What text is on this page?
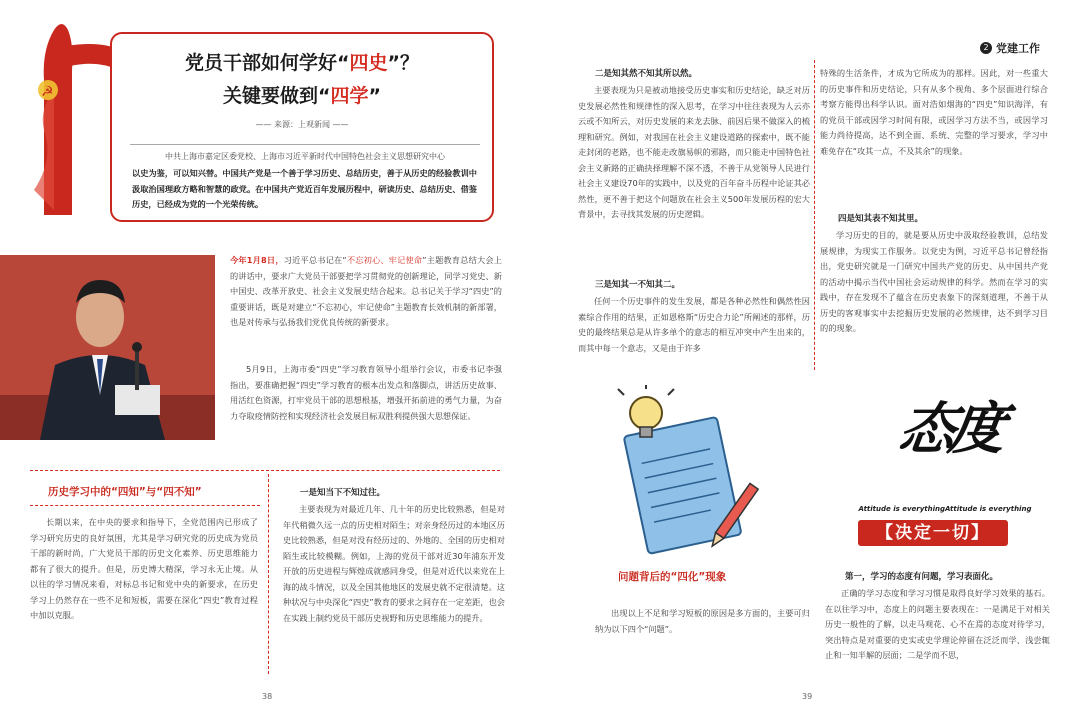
☭
党员干部如何学好“四史”？
关键要做到“四学”
—— 来源：上观新闻 ——
中共上海市嘉定区委党校、上海市习近平新时代中国特色社会主义思想研究中心
以史为鉴，可以知兴替。中国共产党是一个善于学习历史、总结历史，善于从历史的经验教训中汲取治国理政方略和智慧的政党。在中国共产党近百年发展历程中，研读历史、总结历史、借鉴历史，已经成为党的一个光荣传统。
今年1月8日，习近平总书记在“不忘初心、牢记使命”主题教育总结大会上的讲话中，要求广大党员干部要把学习贯彻党的创新理论，同学习党史、新中国史、改革开放史、社会主义发展史结合起来。总书记关于学习“四史”的重要讲话，既是对建立“不忘初心，牢记使命”主题教育长效机制的新部署，也是对传承与弘扬我们党优良传统的新要求。
5月9日，上海市委“四史”学习教育领导小组举行会议，市委书记李强指出，要准确把握“四史”学习教育的根本出发点和落脚点，讲活历史故事、用活红色资源，打牢党员干部的思想根基，增强开拓前进的勇气力量，为奋力夺取疫情防控和实现经济社会发展目标双胜利提供强大思想保证。
历史学习中的“四知”与“四不知”
长期以来，在中央的要求和指导下，全党范围内已形成了学习研究历史的良好氛围，尤其是学习研究党的历史成为党员干部的新时尚，广大党员干部的历史文化素养、历史思维能力都有了很大的提升。但是，历史博大精深，学习永无止境。从以往的学习情况来看，对标总书记和党中央的新要求，在历史学习上仍然存在一些不足和短板，需要在深化“四史”教育过程中加以克服。
一是知当下不知过往。
主要表现为对最近几年、几十年的历史比较熟悉，但是对年代稍微久远一点的历史相对陌生；对亲身经历过的本地区历史比较熟悉，但是对没有经历过的、外地的、全国的历史相对陌生或比较模糊。例如，上海的党员干部对近30年浦东开发开放的历史进程与辉煌成就感同身受，但是对近代以来党在上海的战斗情况，以及全国其他地区的发展史就不定很清楚。这种状况与中央深化“四史”教育的要求之间存在一定差距，也会在实践上制约党员干部历史视野和历史思维能力的提升。
38
2 党建工作
二是知其然不知其所以然。
主要表现为只是被动地接受历史事实和历史结论，缺乏对历史发展必然性和规律性的深入思考，在学习中往往表现为人云亦云或不知所云，对历史发展的来龙去脉、前因后果不做深入的梳理和研究。例如，对我国在社会主义建设道路的探索中，既不能走封闭的老路，也不能走改旗易帜的邪路，而只能走中国特色社会主义新路的正确抉择理解不深不透，不善于从党领导人民进行社会主义建设70年的实践中，以及党的百年奋斗历程中论证其必然性，更不善于把这个问题放在社会主义500年发展历程的宏大背景中，去寻找其发展的历史逻辑。
三是知其一不知其二。
任何一个历史事件的发生发展，都是各种必然性和偶然性因素综合作用的结果，正如恩格斯“历史合力论”所阐述的那样，历史的最终结果总是从许多单个的意志的相互冲突中产生出来的，而其中每一个意志，又是由于许多
特殊的生活条件，才成为它所成为的那样。因此，对一些重大的历史事件和历史结论，只有从多个视角、多个层面进行综合考察方能得出科学认识。面对浩如烟海的“四史”知识海洋，有的党员干部或因学习时间有限，或因学习方法不当，或因学习能力尚待提高，达不到全面、系统、完整的学习要求，学习中难免存在“攻其一点，不及其余”的现象。
四是知其表不知其里。
学习历史的目的，就是要从历史中汲取经验教训，总结发展规律，为现实工作服务。以党史为例，习近平总书记曾经指出，党史研究就是一门研究中国共产党的历史、从中国共产党的活动中揭示当代中国社会运动规律的科学。然而在学习的实践中，存在发现不了蕴含在历史表象下的深刻道理，不善于从历史的客观事实中去挖掘历史发展的必然规律，达不到学习目的的现象。
问题背后的“四化”现象
出现以上不足和学习短板的原因是多方面的，主要可归纳为以下四个“问题”。
态度
Attitude is everythingAttitude is everything
【决定一切】
第一，学习的态度有问题，学习表面化。
正确的学习态度和学习习惯是取得良好学习效果的基石。在以往学习中，态度上的问题主要表现在：一是满足于对相关历史一般性的了解，以走马观花、心不在焉的态度对待学习，突出特点是对重要的史实或史学理论停留在泛泛而学、浅尝辄止和一知半解的层面；二是学而不思，
39
